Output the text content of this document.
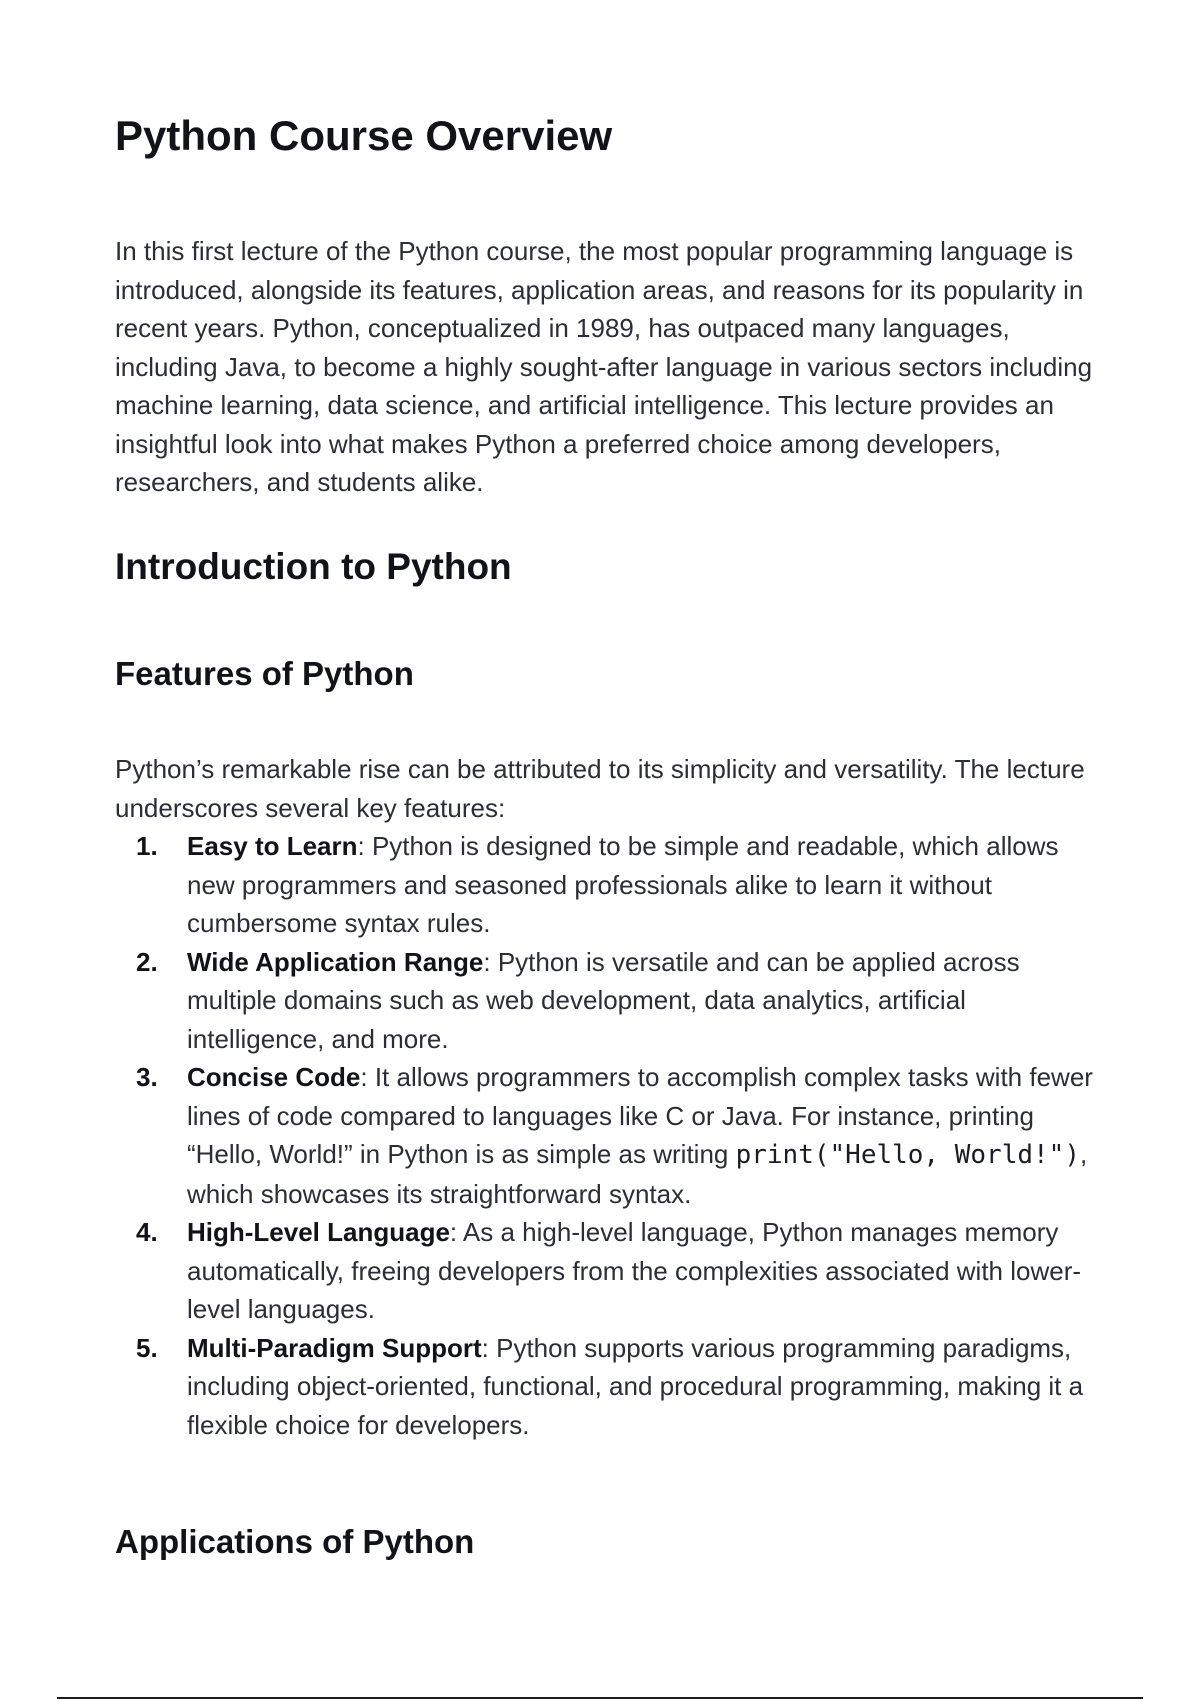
Python Course Overview

In this first lecture of the Python course, the most popular programming language is introduced, alongside its features, application areas, and reasons for its popularity in recent years. Python, conceptualized in 1989, has outpaced many languages, including Java, to become a highly sought-after language in various sectors including machine learning, data science, and artificial intelligence. This lecture provides an insightful look into what makes Python a preferred choice among developers, researchers, and students alike.

Introduction to Python
Features of Python

Python’s remarkable rise can be attributed to its simplicity and versatility. The lecture underscores several key features:

1. Easy to Learn: Python is designed to be simple and readable, which allows new programmers and seasoned professionals alike to learn it without cumbersome syntax rules.
2. Wide Application Range: Python is versatile and can be applied across multiple domains such as web development, data analytics, artificial intelligence, and more.
3. Concise Code: It allows programmers to accomplish complex tasks with fewer lines of code compared to languages like C or Java. For instance, printing “Hello, World!” in Python is as simple as writing print("Hello, World!"), which showcases its straightforward syntax.
4. High-Level Language: As a high-level language, Python manages memory automatically, freeing developers from the complexities associated with lower-level languages.
5. Multi-Paradigm Support: Python supports various programming paradigms, including object-oriented, functional, and procedural programming, making it a flexible choice for developers.
Applications of Python
